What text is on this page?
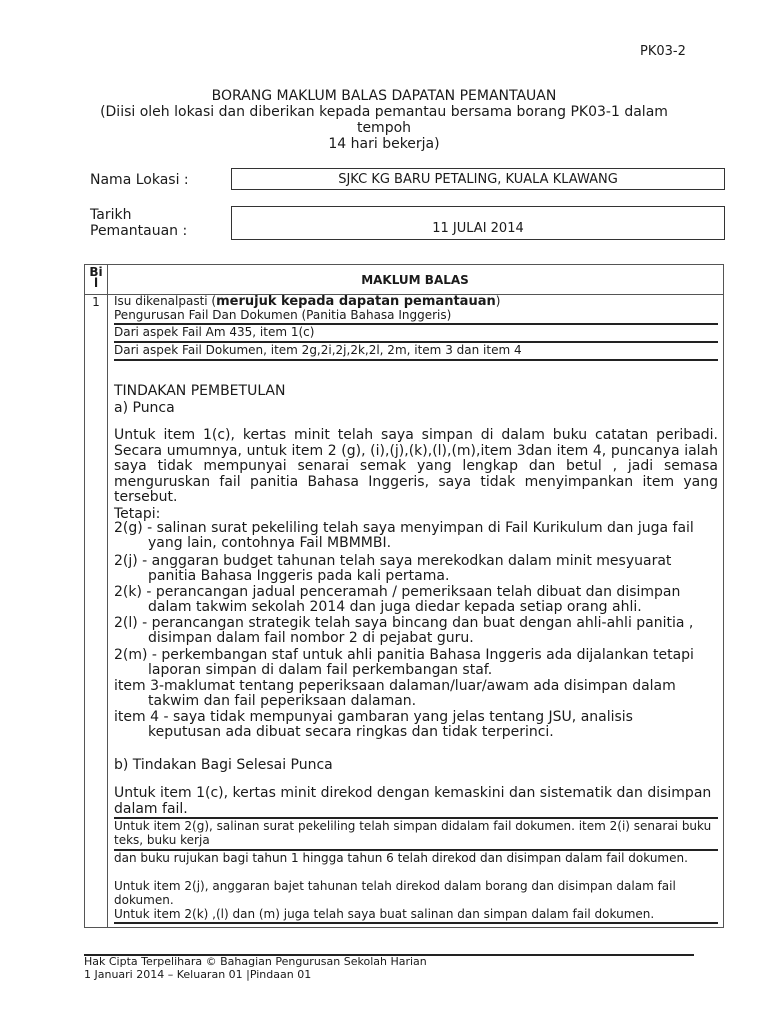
PK03-2
BORANG MAKLUM BALAS DAPATAN PEMANTAUAN
(Diisi oleh lokasi dan diberikan kepada pemantau bersama borang PK03-1 dalam
tempoh
14 hari bekerja)
Nama Lokasi :	SJKC KG BARU PETALING, KUALA KLAWANG
Tarikh
Pemantauan :	11 JULAI 2014
Bi
l	MAKLUM BALAS
1	Isu dikenalpasti (merujuk kepada dapatan pemantauan)
Pengurusan Fail Dan Dokumen (Panitia Bahasa Inggeris)
Dari aspek Fail Am 435, item 1(c)
Dari aspek Fail Dokumen, item 2g,2i,2j,2k,2l, 2m, item 3 dan item 4
TINDAKAN PEMBETULAN
a) Punca
Untuk item 1(c), kertas minit telah saya simpan di dalam buku catatan peribadi. Secara umumnya, untuk item 2 (g), (i),(j),(k),(l),(m),item 3dan item 4, puncanya ialah saya tidak mempunyai senarai semak yang lengkap dan betul , jadi semasa menguruskan fail panitia Bahasa Inggeris, saya tidak menyimpankan item yang tersebut.
Tetapi:
2(g) - salinan surat pekeliling telah saya menyimpan di Fail Kurikulum dan juga fail
yang lain, contohnya Fail MBMMBI.
2(j) - anggaran budget tahunan telah saya merekodkan dalam minit mesyuarat
panitia Bahasa Inggeris pada kali pertama.
2(k) - perancangan jadual penceramah / pemeriksaan telah dibuat dan disimpan
dalam takwim sekolah 2014 dan juga diedar kepada setiap orang ahli.
2(l) - perancangan strategik telah saya bincang dan buat dengan ahli-ahli panitia ,
disimpan dalam fail nombor 2 di pejabat guru.
2(m) - perkembangan staf untuk ahli panitia Bahasa Inggeris ada dijalankan tetapi
laporan simpan di dalam fail perkembangan staf.
item 3-maklumat tentang peperiksaan dalaman/luar/awam ada disimpan dalam
takwim dan fail peperiksaan dalaman.
item 4 - saya tidak mempunyai gambaran yang jelas tentang JSU, analisis
keputusan ada dibuat secara ringkas dan tidak terperinci.
b) Tindakan Bagi Selesai Punca
Untuk item 1(c), kertas minit direkod dengan kemaskini dan sistematik dan disimpan dalam fail.
Untuk item 2(g), salinan surat pekeliling telah simpan didalam fail dokumen. item 2(i) senarai buku teks, buku kerja
dan buku rujukan bagi tahun 1 hingga tahun 6 telah direkod dan disimpan dalam fail dokumen.
Untuk item 2(j), anggaran bajet tahunan telah direkod dalam borang dan disimpan dalam fail dokumen.
Untuk item 2(k) ,(l) dan (m) juga telah saya buat salinan dan simpan dalam fail dokumen.
Hak Cipta Terpelihara © Bahagian Pengurusan Sekolah Harian
1 Januari 2014 – Keluaran 01 |Pindaan 01
